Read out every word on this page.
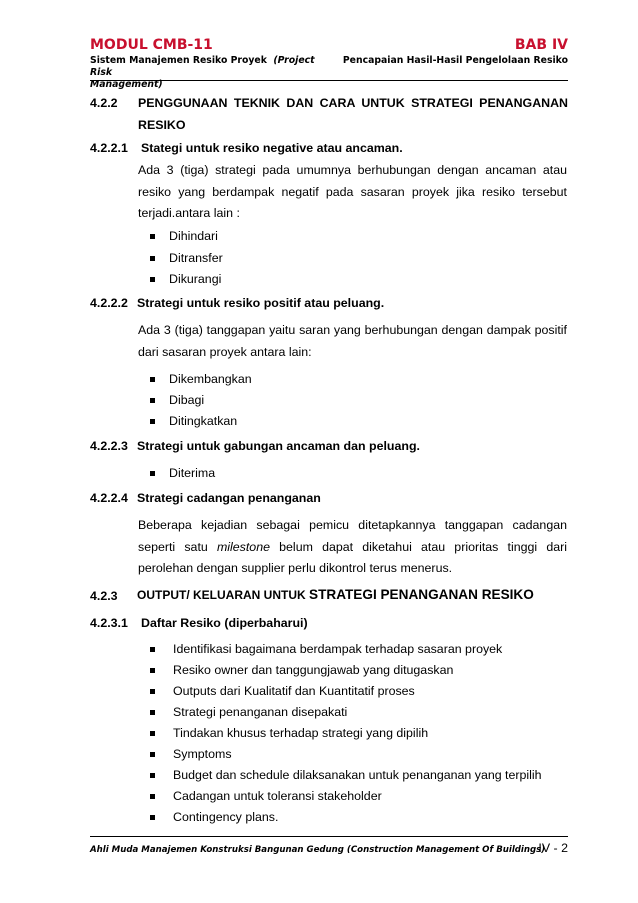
MODUL CMB-11	BAB IV
Sistem Manajemen Resiko Proyek  (Project Risk
Management)
Pencapaian Hasil-Hasil Pengelolaan Resiko
4.2.2 PENGGUNAAN TEKNIK DAN CARA UNTUK STRATEGI PENANGANAN
RESIKO
4.2.2.1 Stategi untuk resiko negative atau ancaman.
Ada 3 (tiga) strategi pada umumnya berhubungan dengan ancaman atau resiko yang berdampak negatif pada sasaran proyek jika resiko tersebut terjadi.antara lain :
Dihindari
Ditransfer
Dikurangi
4.2.2.2 Strategi untuk resiko positif atau peluang.
Ada 3 (tiga) tanggapan yaitu saran yang berhubungan dengan dampak positif dari sasaran proyek antara lain:
Dikembangkan
Dibagi
Ditingkatkan
4.2.2.3 Strategi untuk gabungan ancaman dan peluang.
Diterima
4.2.2.4 Strategi cadangan penanganan
Beberapa kejadian sebagai pemicu ditetapkannya tanggapan cadangan seperti satu milestone belum dapat diketahui atau prioritas tinggi dari perolehan dengan supplier perlu dikontrol terus menerus.
4.2.3 OUTPUT/ KELUARAN UNTUK STRATEGI PENANGANAN RESIKO
4.2.3.1 Daftar Resiko (diperbaharui)
Identifikasi bagaimana berdampak terhadap sasaran proyek
Resiko owner dan tanggungjawab yang ditugaskan
Outputs dari Kualitatif dan Kuantitatif proses
Strategi penanganan disepakati
Tindakan khusus terhadap strategi yang dipilih
Symptoms
Budget dan schedule dilaksanakan untuk penanganan yang terpilih
Cadangan untuk toleransi stakeholder
Contingency plans.
Ahli Muda Manajemen Konstruksi Bangunan Gedung (Construction Management Of Buildings)
IV - 2
